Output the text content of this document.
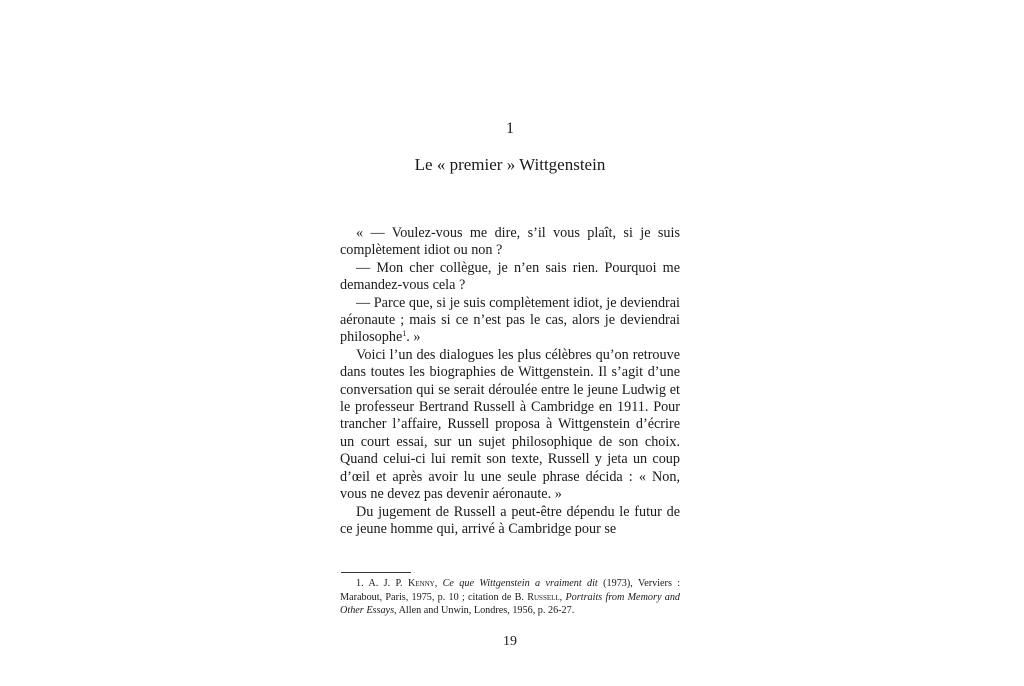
1
Le « premier » Wittgenstein

« — Voulez-vous me dire, s’il vous plaît, si je suis complètement idiot ou non ?

— Mon cher collègue, je n’en sais rien. Pourquoi me demandez-vous cela ?

— Parce que, si je suis complètement idiot, je deviendrai aéronaute ; mais si ce n’est pas le cas, alors je deviendrai philosophe$^1$. »

Voici l’un des dialogues les plus célèbres qu’on retrouve dans toutes les biographies de Wittgenstein. Il s’agit d’une conversation qui se serait déroulée entre le jeune Ludwig et le professeur Bertrand Russell à Cambridge en 1911. Pour trancher l’affaire, Russell proposa à Wittgenstein d’écrire un court essai, sur un sujet philosophique de son choix. Quand celui-ci lui remit son texte, Russell y jeta un coup d’œil et après avoir lu une seule phrase décida : « Non, vous ne devez pas devenir aéronaute. »

Du jugement de Russell a peut-être dépendu le futur de ce jeune homme qui, arrivé à Cambridge pour se

1. A. J. P. Kenny, Ce que Wittgenstein a vraiment dit (1973), Verviers : Marabout, Paris, 1975, p. 10 ; citation de B. Russell, Portraits from Memory and Other Essays, Allen and Unwin, Londres, 1956, p. 26-27.
19
